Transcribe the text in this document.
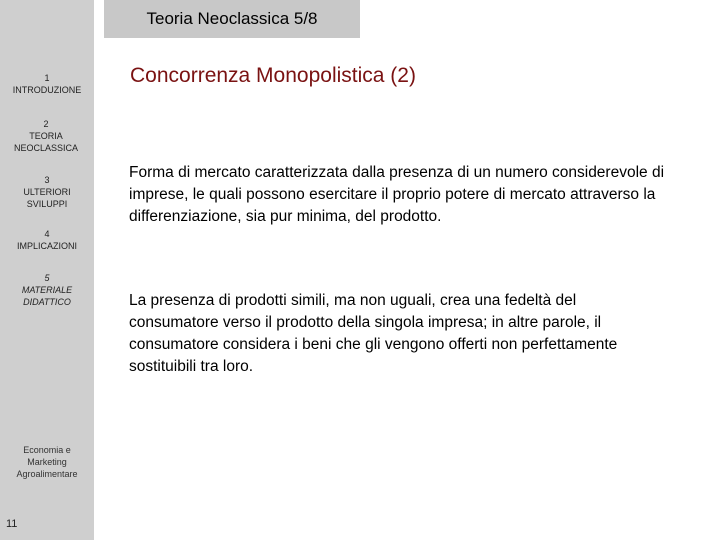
Teoria Neoclassica 5/8
1
INTRODUZIONE
2
TEORIA NEOCLASSICA
3
ULTERIORI SVILUPPI
4
IMPLICAZIONI
5
MATERIALE DIDATTICO
Economia e Marketing Agroalimentare
11
Concorrenza Monopolistica (2)
Forma di mercato caratterizzata dalla presenza di un numero considerevole di imprese, le quali possono esercitare il proprio potere di mercato attraverso la differenziazione, sia pur minima, del prodotto.
La presenza di prodotti simili, ma non uguali, crea una fedeltà del consumatore verso il prodotto della singola impresa; in altre parole, il consumatore considera i beni che gli vengono offerti non perfettamente sostituibili tra loro.
